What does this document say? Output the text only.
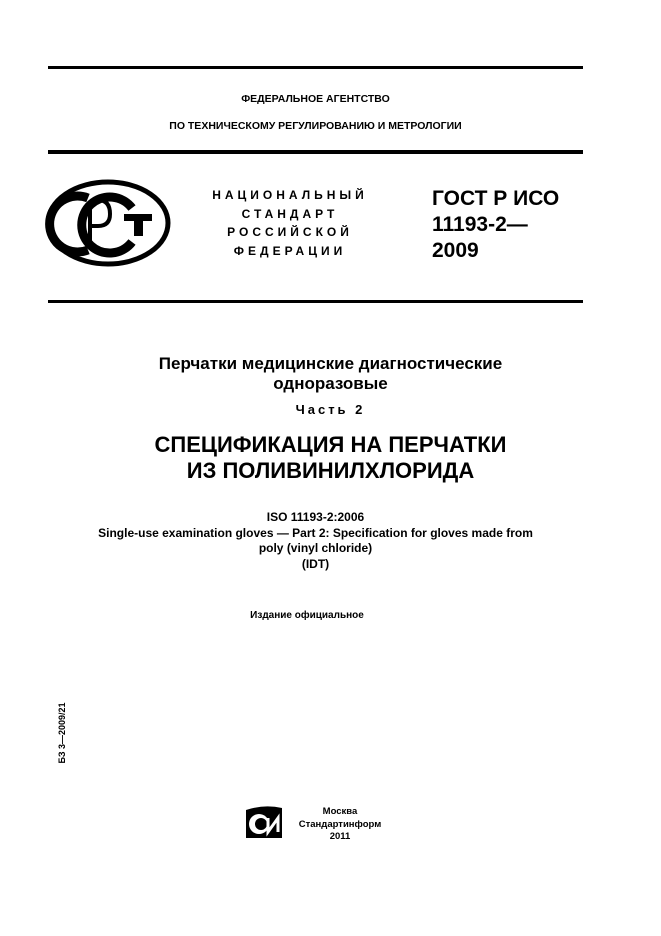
ФЕДЕРАЛЬНОЕ АГЕНТСТВО
ПО ТЕХНИЧЕСКОМУ РЕГУЛИРОВАНИЮ И МЕТРОЛОГИИ
НАЦИОНАЛЬНЫЙ
СТАНДАРТ
РОССИЙСКОЙ
ФЕДЕРАЦИИ
ГОСТ Р ИСО
11193-2—
2009
Перчатки медицинские диагностические
одноразовые
Часть 2
СПЕЦИФИКАЦИЯ НА ПЕРЧАТКИ
ИЗ ПОЛИВИНИЛХЛОРИДА
ISO 11193-2:2006
Single-use examination gloves — Part 2: Specification for gloves made from
poly (vinyl chloride)
(IDT)
Издание официальное
БЗ 3—2009/21
Москва
Стандартинформ
2011
